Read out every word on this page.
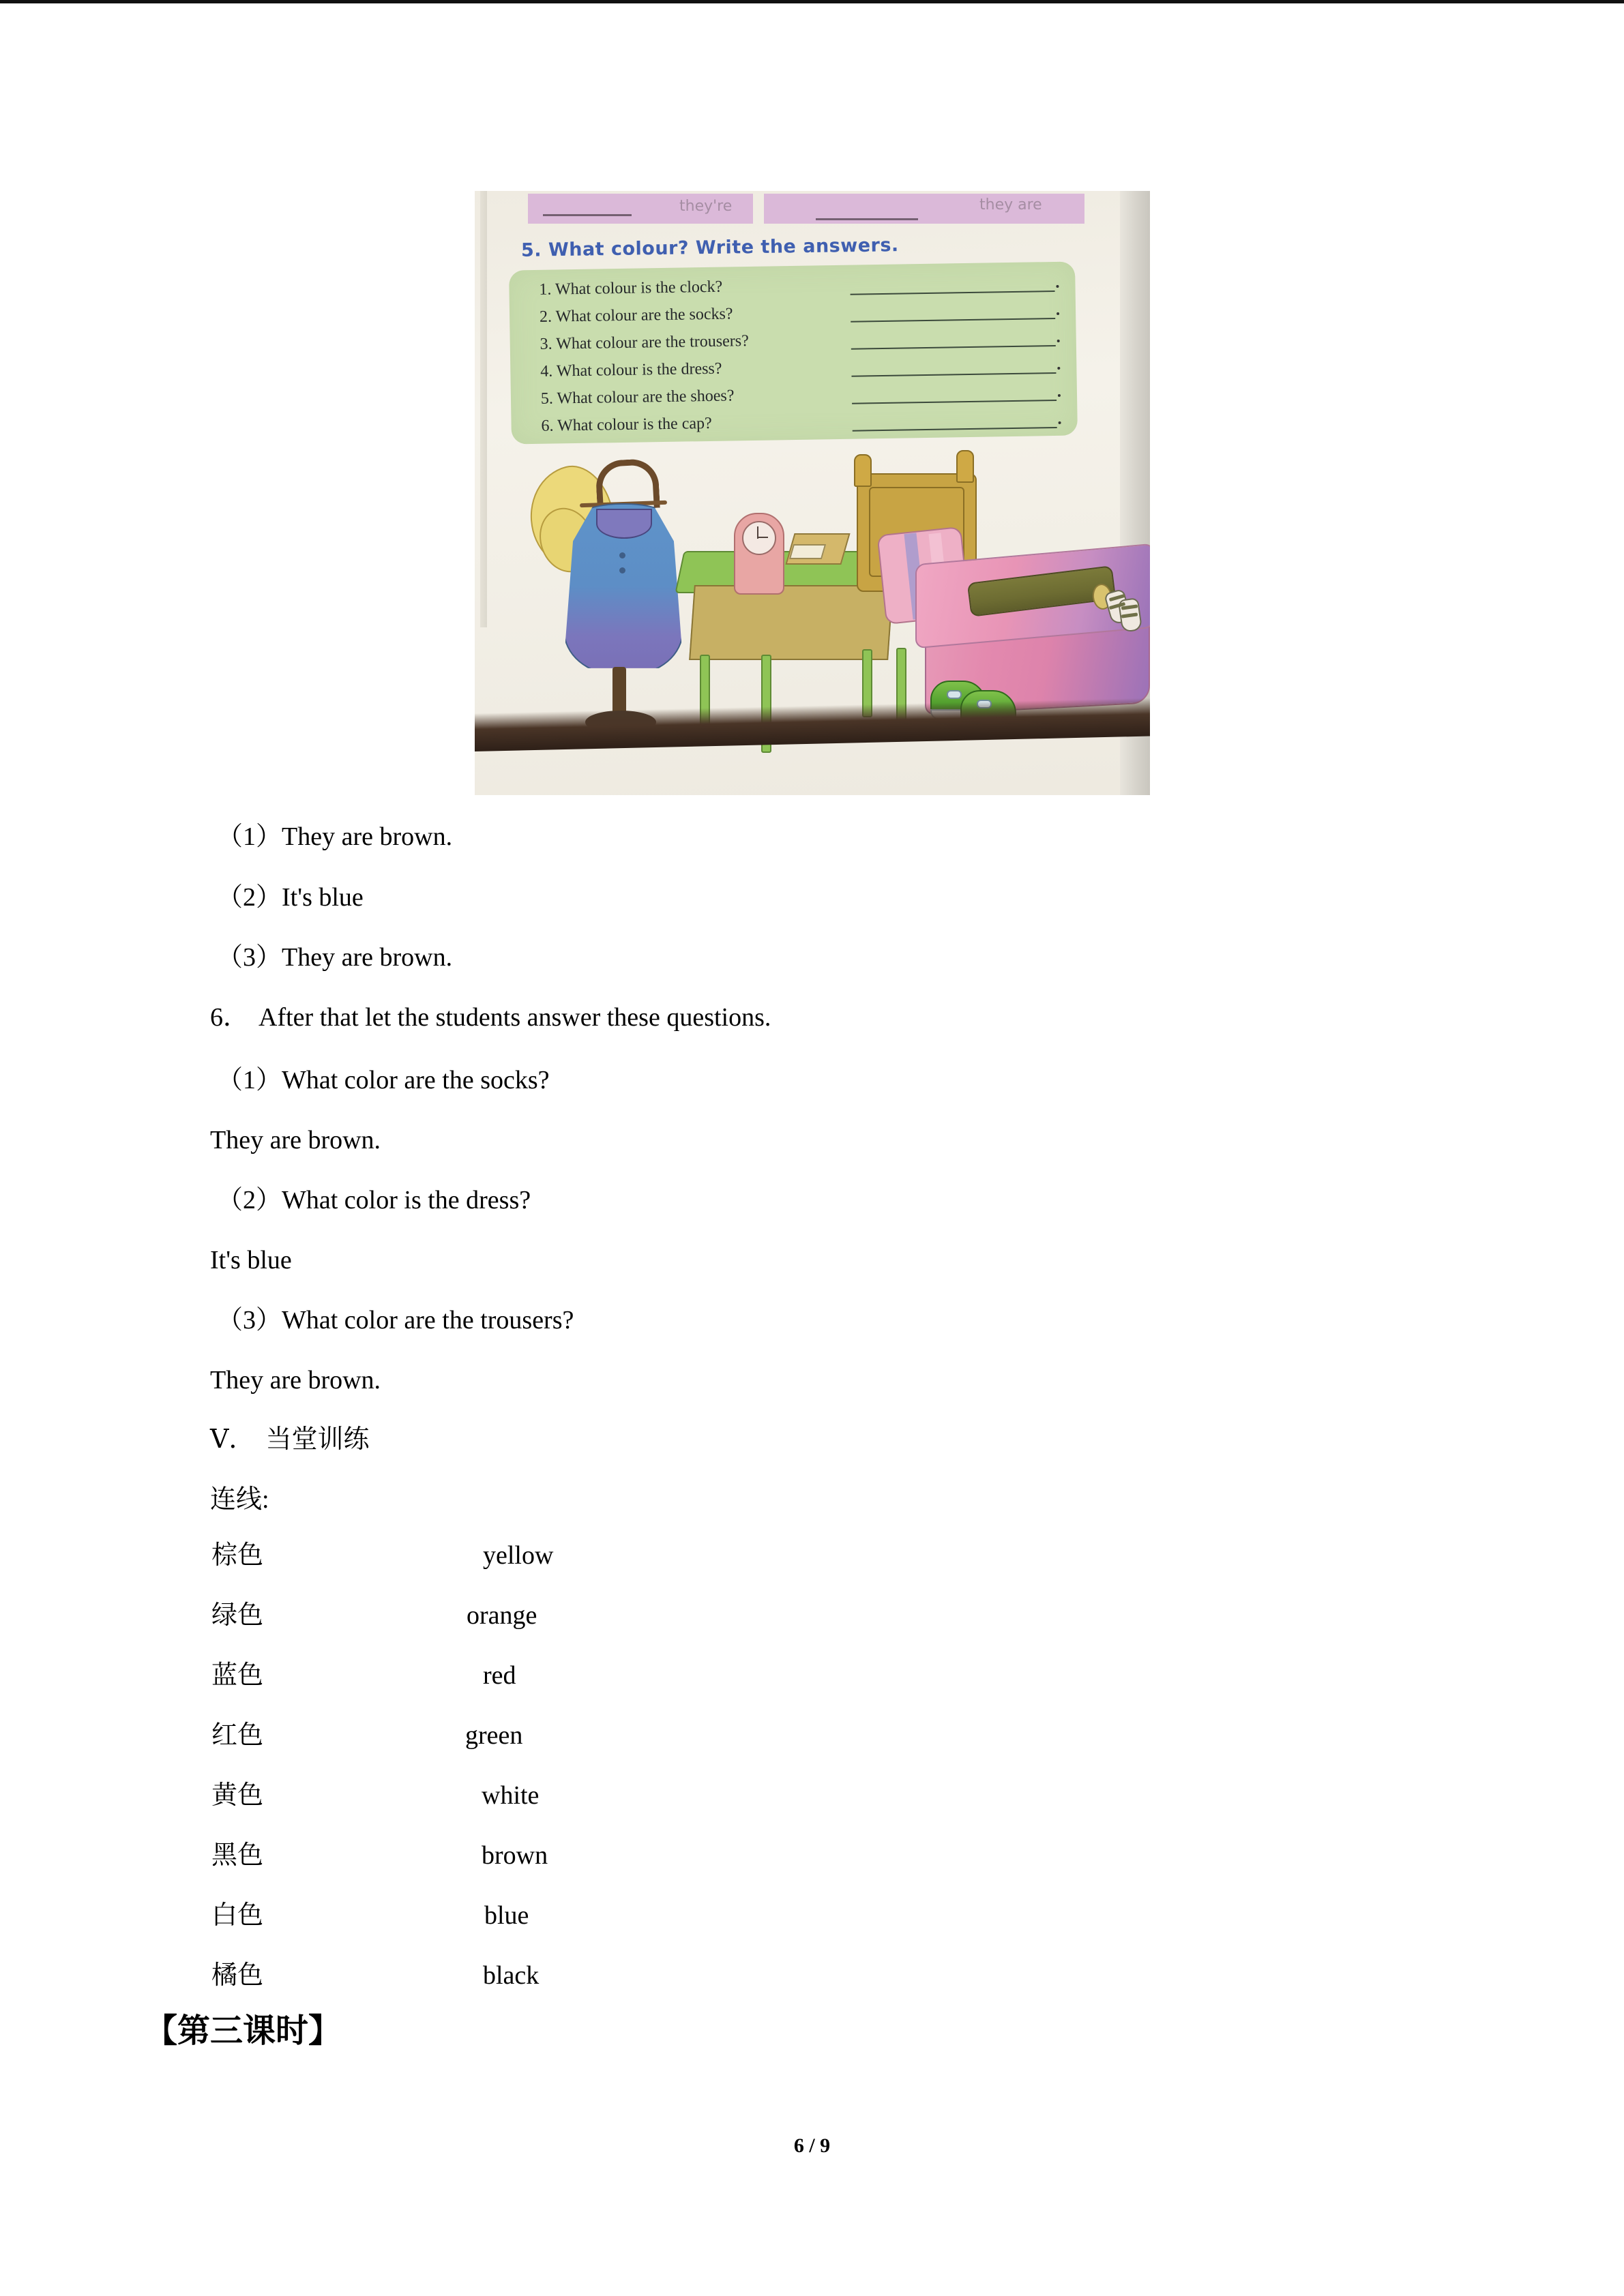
they're	they are
5. What colour? Write the answers.
1. What colour is the clock?
2. What colour are the socks?
3. What colour are the trousers?
4. What colour is the dress?
5. What colour are the shoes?
6. What colour is the cap?
（1）They are brown.
（2）It's blue
（3）They are brown.
6． After that let the students answer these questions.
（1）What color are the socks?
They are brown.
（2）What color is the dress?
It's blue
（3）What color are the trousers?
They are brown.
Ⅴ． 当堂训练
连线:
棕色
绿色
蓝色
红色
黄色
黑色
白色
橘色
yellow
orange
red
green
white
brown
blue
black
【第三课时】
6 / 9
